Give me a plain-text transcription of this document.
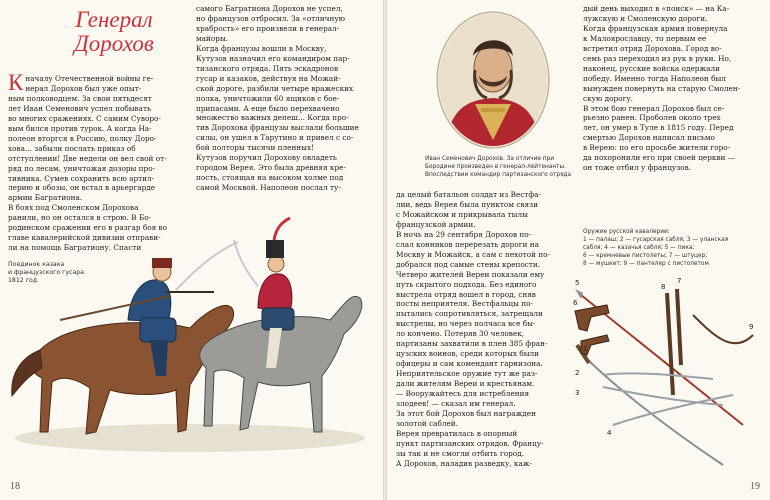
Генерал
Дорохов
Кначалу Отечественной войны ге-
нерал Дорохов был уже опыт-
ным полководцем. За свои пятьдесят
лет Иван Семенович успел побывать
во многих сражениях. С самим Суворо-
вым бился против турок. А когда На-
полеон вторгся в Россию, полку Доро-
хова... забыли послать приказ об
отступлении! Две недели он вел свой от-
ряд по лесам, уничтожая дозоры про-
тивника. Сумев сохранить всю артил-
лерию и обозы, он встал в арьергарде
армии Багратиона.
В боях под Смоленском Дорохова
ранили, но он остался в строю. В Бо-
родинском сражении его в разгар боя во
главе кавалерийской дивизии отправи-
ли на помощь Багратиону. Спасти
самого Багратиона Дорохов не успел,
но французов отбросил. За «отличную
храбрость» его произвели в генерал-
майоры.
Когда французы вошли в Москву,
Кутузов назначил его командиром пар-
тизанского отряда. Пять эскадронов
гусар и казаков, действуя на Можай-
ской дороге, разбили четыре вражеских
полка, уничтожили 60 ящиков с бое-
припасами. А еще было перехвачено
множество важных депеш... Когда про-
тив Дорохова французы выслали большие
силы, он ушел в Тарутино и привел с со-
бой полторы тысячи пленных!
Кутузов поручил Дорохову овладеть
городом Верея. Это была древняя кре-
пость, стоящая на высоком холме под
самой Москвой. Наполеон послал ту-
Поединок казака
и французского гусара.
1812 год
18
Иван Семенович Дорохов. За отличие при
Бородине произведен в генерал-лейтенанты.
Впоследствии командир партизанского отряда
да целый батальон солдат из Вестфа-
лии, ведь Верея была пунктом связи
с Можайском и прикрывала тылы
французской армии.
В ночь на 29 сентября Дорохов по-
слал конников перерезать дороги на
Москву и Можайск, а сам с пехотой по-
добрался под самые стены крепости.
Четверо жителей Вереи показали ему
путь скрытого подхода. Без единого
выстрела отряд вошел в город, сняв
посты неприятеля. Вестфальцы по-
пытались сопротивляться, затрещали
выстрелы, но через полчаса все бы-
ло кончено. Потеряв 30 человек,
партизаны захватили в плен 385 фран-
цузских воинов, среди которых были
офицеры и сам комендант гарнизона.
Неприятельское оружие тут же раз-
дали жителям Вереи и крестьянам.
— Вооружайтесь для истребления
злодеев! — сказал им генерал.
За этот бой Дорохов был награжден
золотой саблей.
Верея превратилась в опорный
пункт партизанских отрядов. Францу-
зы так и не смогли отбить город.
А Дорохов, наладив разведку, каж-
дый день выходил в «поиск» — на Ка-
лужскую и Смоленскую дороги.
Когда французская армия повернула
к Малоярославцу, то первым ее
встретил отряд Дорохова. Город во-
семь раз переходил из рук в руки. Но,
наконец, русские войска одержали
победу. Именно тогда Наполеон был
вынужден повернуть на старую Смолен-
скую дорогу.
В этом бою генерал Дорохов был се-
рьезно ранен. Проболев около трех
лет, он умер в Туле в 1815 году. Перед
смертью Дорохов написал письмо
в Верею: по его просьбе жители горо-
да похоронили его при своей церкви —
он тоже отбил у французов.
Оружие русской кавалерии:
1 — палаш; 2 — гусарская сабля; 3 — уланская
сабля; 4 — казачья сабля; 5 — пика;
6 — кремневые пистолеты; 7 — штуцер;
8 — мушкет; 9 — пантелер с пистолетом
5
6
7
8
9
2
3
4
1
19
